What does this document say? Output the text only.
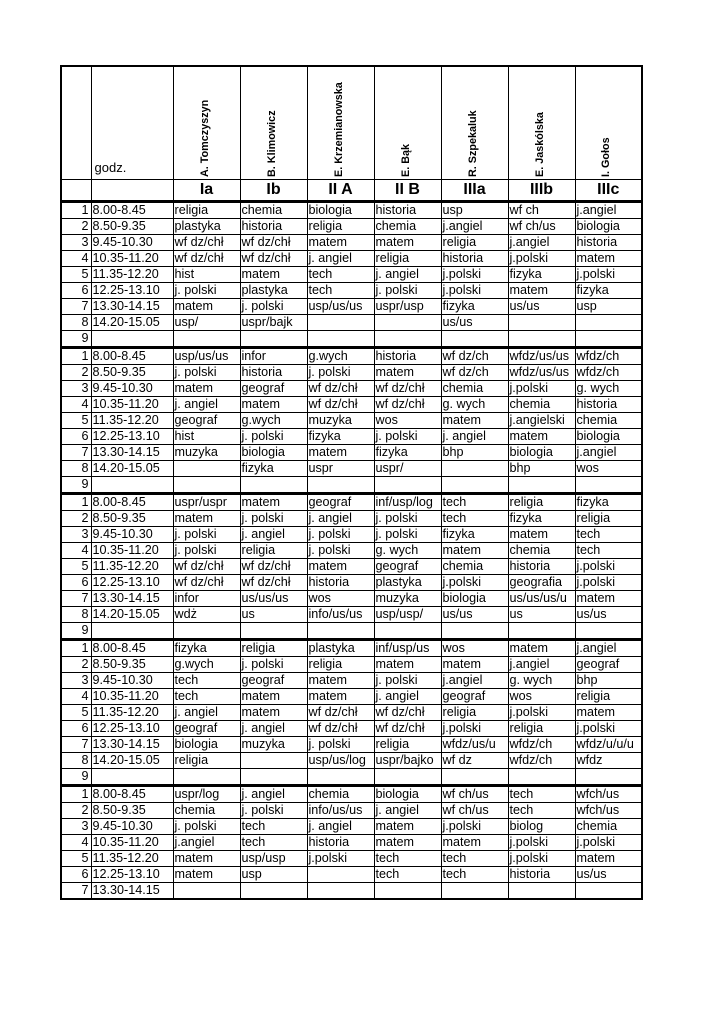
	godz.	A. Tomczyszyn	B. Klimowicz	E. Krzemianowska	E. Bąk	R. Szpekaluk	E. Jaskólska	I. Gołos

		Ia	Ib	II A	II B	IIIa	IIIb	IIIc
1	8.00-8.45	religia	chemia	biologia	historia	usp	wf ch	j.angiel
2	8.50-9.35	plastyka	historia	religia	chemia	j.angiel	wf ch/us	biologia
3	9.45-10.30	wf dz/chł	wf dz/chł	matem	matem	religia	j.angiel	historia
4	10.35-11.20	wf dz/chł	wf dz/chł	j. angiel	religia	historia	j.polski	matem
5	11.35-12.20	hist	matem	tech	j. angiel	j.polski	fizyka	j.polski
6	12.25-13.10	j. polski	plastyka	tech	j. polski	j.polski	matem	fizyka
7	13.30-14.15	matem	j. polski	usp/us/us	uspr/usp	fizyka	us/us	usp
8	14.20-15.05	usp/	uspr/bajk			us/us		
9								
1	8.00-8.45	usp/us/us	infor	g.wych	historia	wf dz/ch	wfdz/us/us	wfdz/ch
2	8.50-9.35	j. polski	historia	j. polski	matem	wf dz/ch	wfdz/us/us	wfdz/ch
3	9.45-10.30	matem	geograf	wf dz/chł	wf dz/chł	chemia	j.polski	g. wych
4	10.35-11.20	j. angiel	matem	wf dz/chł	wf dz/chł	g. wych	chemia	historia
5	11.35-12.20	geograf	g.wych	muzyka	wos	matem	j.angielski	chemia
6	12.25-13.10	hist	j. polski	fizyka	j. polski	j. angiel	matem	biologia
7	13.30-14.15	muzyka	biologia	matem	fizyka	bhp	biologia	j.angiel
8	14.20-15.05		fizyka	uspr	uspr/		bhp	wos
9								
1	8.00-8.45	uspr/uspr	matem	geograf	inf/usp/log	tech	religia	fizyka
2	8.50-9.35	matem	j. polski	j. angiel	j. polski	tech	fizyka	religia
3	9.45-10.30	j. polski	j. angiel	j. polski	j. polski	fizyka	matem	tech
4	10.35-11.20	j. polski	religia	j. polski	g. wych	matem	chemia	tech
5	11.35-12.20	wf dz/chł	wf dz/chł	matem	geograf	chemia	historia	j.polski
6	12.25-13.10	wf dz/chł	wf dz/chł	historia	plastyka	j.polski	geografia	j.polski
7	13.30-14.15	infor	us/us/us	wos	muzyka	biologia	us/us/us/u	matem
8	14.20-15.05	wdż	us	info/us/us	usp/usp/	us/us	us	us/us
9								
1	8.00-8.45	fizyka	religia	plastyka	inf/usp/us	wos	matem	j.angiel
2	8.50-9.35	g.wych	j. polski	religia	matem	matem	j.angiel	geograf
3	9.45-10.30	tech	geograf	matem	j. polski	j.angiel	g. wych	bhp
4	10.35-11.20	tech	matem	matem	j. angiel	geograf	wos	religia
5	11.35-12.20	j. angiel	matem	wf dz/chł	wf dz/chł	religia	j.polski	matem
6	12.25-13.10	geograf	j. angiel	wf dz/chł	wf dz/chł	j.polski	religia	j.polski
7	13.30-14.15	biologia	muzyka	j. polski	religia	wfdz/us/u	wfdz/ch	wfdz/u/u/u
8	14.20-15.05	religia		usp/us/log	uspr/bajko	wf dz	wfdz/ch	wfdz
9								
1	8.00-8.45	uspr/log	j. angiel	chemia	biologia	wf ch/us	tech	wfch/us
2	8.50-9.35	chemia	j. polski	info/us/us	j. angiel	wf ch/us	tech	wfch/us
3	9.45-10.30	j. polski	tech	j. angiel	matem	j.polski	biolog	chemia
4	10.35-11.20	j.angiel	tech	historia	matem	matem	j.polski	j.polski
5	11.35-12.20	matem	usp/usp	j.polski	tech	tech	j.polski	matem
6	12.25-13.10	matem	usp		tech	tech	historia	us/us
7	13.30-14.15							
